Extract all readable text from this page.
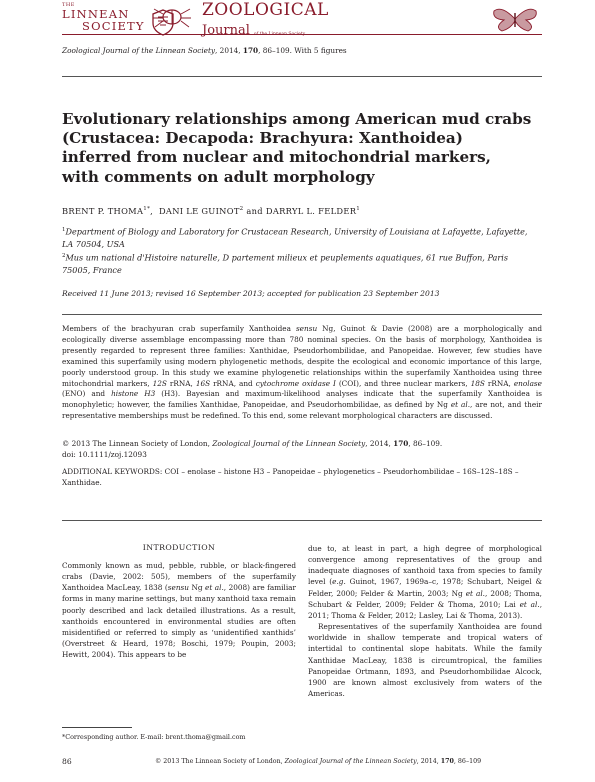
THE
LINNEAN
SOCIETY
ZOOLOGICAL
Journal of the Linnean Society
Zoological Journal of the Linnean Society, 2014, 170, 86–109. With 5 figures
Evolutionary relationships among American mud crabs (Crustacea: Decapoda: Brachyura: Xanthoidea) inferred from nuclear and mitochondrial markers, with comments on adult morphology
BRENT P. $THOMA^{1*}$,  DANI LE GUINOT$^2$ and DARRYL L. FELDER$^1$
$^1$Department of Biology and Laboratory for Crustacean Research, University of Louisiana at Lafayette, Lafayette, LA 70504, USA
$^2$Mus um national d'Histoire naturelle, D partement milieux et peuplements aquatiques, 61 rue Buffon, Paris 75005, France
Received 11 June 2013; revised 16 September 2013; accepted for publication 23 September 2013
Members of the brachyuran crab superfamily Xanthoidea sensu Ng, Guinot & Davie (2008) are a morphologically and ecologically diverse assemblage encompassing more than 780 nominal species. On the basis of morphology, Xanthoidea is presently regarded to represent three families: Xanthidae, Pseudorhombilidae, and Panopeidae. However, few studies have examined this superfamily using modern phylogenetic methods, despite the ecological and economic importance of this large, poorly understood group. In this study we examine phylogenetic relationships within the superfamily Xanthoidea using three mitochondrial markers, 12S rRNA, 16S rRNA, and cytochrome oxidase I (COI), and three nuclear markers, 18S rRNA, enolase (ENO) and histone H3 (H3). Bayesian and maximum-likelihood analyses indicate that the superfamily Xanthoidea is monophyletic; however, the families Xanthidae, Panopeidae, and Pseudorhombilidae, as defined by Ng et al., are not, and their representative memberships must be redefined. To this end, some relevant morphological characters are discussed.
© 2013 The Linnean Society of London, Zoological Journal of the Linnean Society, 2014, 170, 86–109.
doi: 10.1111/zoj.12093
ADDITIONAL KEYWORDS: COI – enolase – histone H3 – Panopeidae – phylogenetics – Pseudorhombilidae – 16S–12S–18S – Xanthidae.
INTRODUCTION
Commonly known as mud, pebble, rubble, or black-fingered crabs (Davie, 2002: 505), members of the superfamily Xanthoidea MacLeay, 1838 (sensu Ng et al., 2008) are familiar forms in many marine settings, but many xanthoid taxa remain poorly described and lack detailed illustrations. As a result, xanthoids encountered in environmental studies are often misidentified or referred to simply as ‘unidentified xanthids’ (Overstreet & Heard, 1978; Boschi, 1979; Poupin, 2003; Hewitt, 2004). This appears to be

due to, at least in part, a high degree of morphological convergence among representatives of the group and inadequate diagnoses of xanthoid taxa from species to family level (e.g. Guinot, 1967, 1969a–c, 1978; Schubart, Neigel & Felder, 2000; Felder & Martin, 2003; Ng et al., 2008; Thoma, Schubart & Felder, 2009; Felder & Thoma, 2010; Lai et al., 2011; Thoma & Felder, 2012; Lasley, Lai & Thoma, 2013).

Representatives of the superfamily Xanthoidea are found worldwide in shallow temperate and tropical waters of intertidal to continental slope habitats. While the family Xanthidae MacLeay, 1838 is circumtropical, the families Panopeidae Ortmann, 1893, and Pseudorhombilidae Alcock, 1900 are known almost exclusively from waters of the Americas.

*Corresponding author. E-mail: brent.thoma@gmail.com
86	© 2013 The Linnean Society of London, Zoological Journal of the Linnean Society, 2014, 170, 86–109
